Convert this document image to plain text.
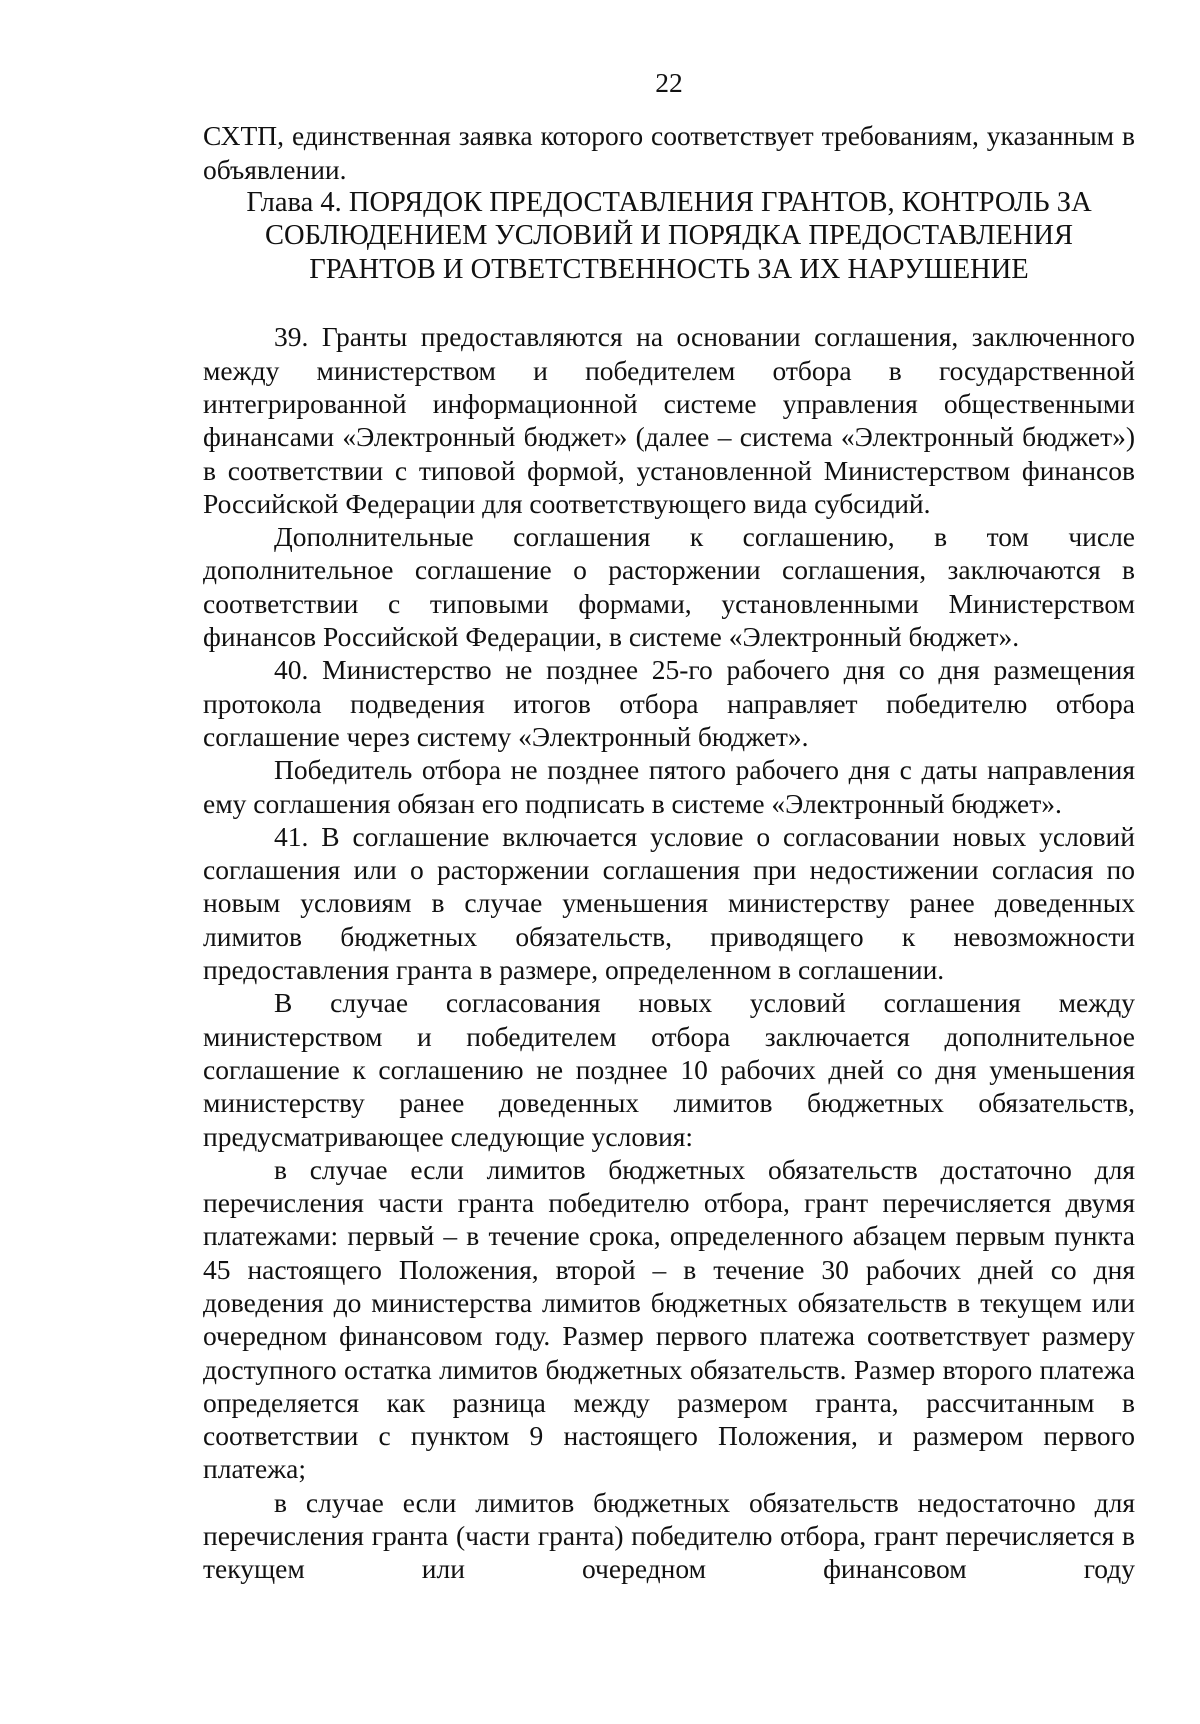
22

СХТП, единственная заявка которого соответствует требованиям, указанным в объявлении.

Глава 4. ПОРЯДОК ПРЕДОСТАВЛЕНИЯ ГРАНТОВ, КОНТРОЛЬ ЗА СОБЛЮДЕНИЕМ УСЛОВИЙ И ПОРЯДКА ПРЕДОСТАВЛЕНИЯ ГРАНТОВ И ОТВЕТСТВЕННОСТЬ ЗА ИХ НАРУШЕНИЕ

39. Гранты предоставляются на основании соглашения, заключенного между министерством и победителем отбора в государственной интегрированной информационной системе управления общественными финансами «Электронный бюджет» (далее – система «Электронный бюджет») в соответствии с типовой формой, установленной Министерством финансов Российской Федерации для соответствующего вида субсидий.

Дополнительные соглашения к соглашению, в том числе дополнительное соглашение о расторжении соглашения, заключаются в соответствии с типовыми формами, установленными Министерством финансов Российской Федерации, в системе «Электронный бюджет».

40. Министерство не позднее 25-го рабочего дня со дня размещения протокола подведения итогов отбора направляет победителю отбора соглашение через систему «Электронный бюджет».

Победитель отбора не позднее пятого рабочего дня с даты направления ему соглашения обязан его подписать в системе «Электронный бюджет».

41. В соглашение включается условие о согласовании новых условий соглашения или о расторжении соглашения при недостижении согласия по новым условиям в случае уменьшения министерству ранее доведенных лимитов бюджетных обязательств, приводящего к невозможности предоставления гранта в размере, определенном в соглашении.

В случае согласования новых условий соглашения между министерством и победителем отбора заключается дополнительное соглашение к соглашению не позднее 10 рабочих дней со дня уменьшения министерству ранее доведенных лимитов бюджетных обязательств, предусматривающее следующие условия:

в случае если лимитов бюджетных обязательств достаточно для перечисления части гранта победителю отбора, грант перечисляется двумя платежами: первый – в течение срока, определенного абзацем первым пункта 45 настоящего Положения, второй – в течение 30 рабочих дней со дня доведения до министерства лимитов бюджетных обязательств в текущем или очередном финансовом году. Размер первого платежа соответствует размеру доступного остатка лимитов бюджетных обязательств. Размер второго платежа определяется как разница между размером гранта, рассчитанным в соответствии с пунктом 9 настоящего Положения, и размером первого платежа;

в случае если лимитов бюджетных обязательств недостаточно для перечисления гранта (части гранта) победителю отбора, грант перечисляется в текущем или очередном финансовом году
